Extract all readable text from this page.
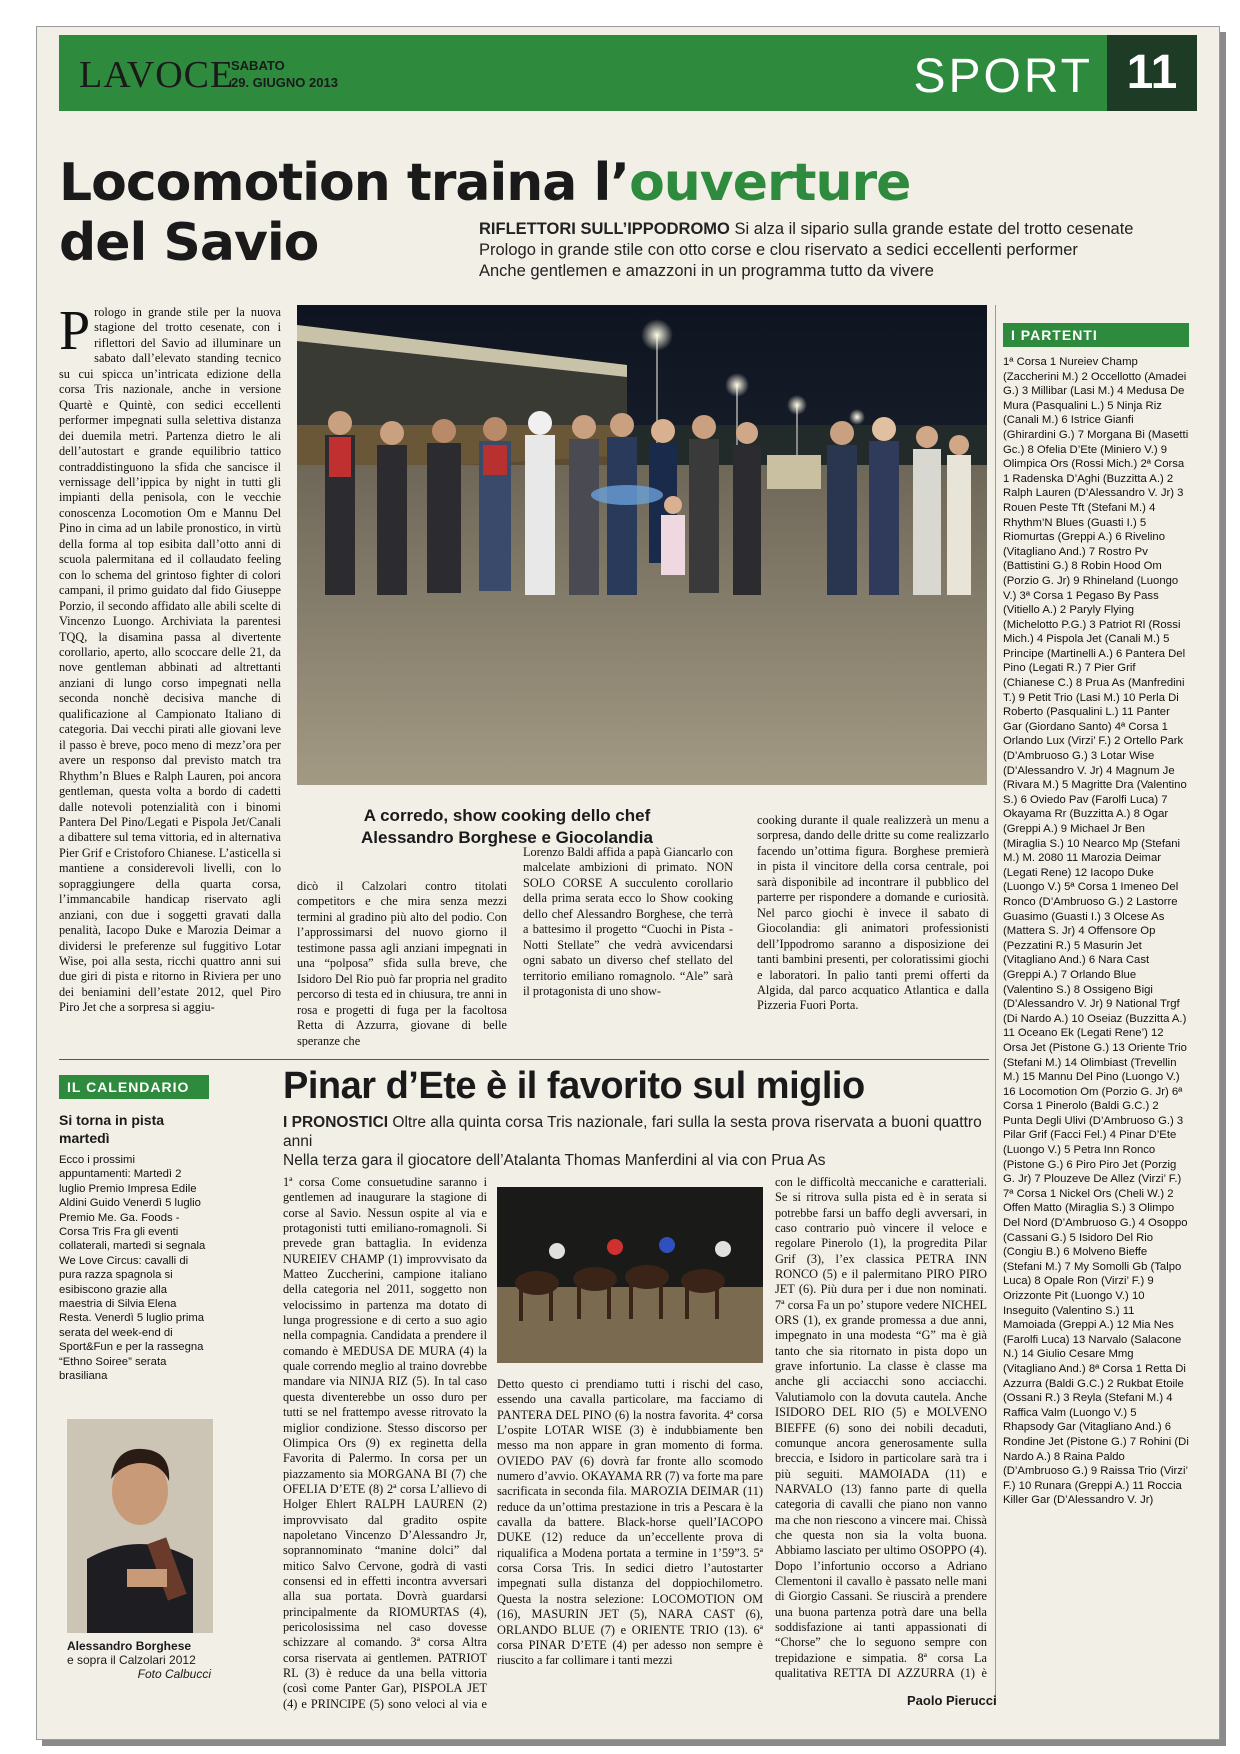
LAVOCE
SABATO
29. GIUGNO 2013	SPORT 11
Locomotion traina l’ouverture
del Savio	RIFLETTORI SULL’IPPODROMO Si alza il sipario sulla grande estate del trotto cesenate
Prologo in grande stile con otto corse e clou riservato a sedici eccellenti performer
Anche gentlemen e amazzoni in un programma tutto da vivere
Prologo in grande stile per la nuova stagione del trotto cesenate, con i riflettori del Savio ad illuminare un sabato dall’elevato standing tecnico su cui spicca un’intricata edizione della corsa Tris nazionale, anche in versione Quartè e Quintè, con sedici eccellenti performer impegnati sulla selettiva distanza dei duemila metri. Partenza dietro le ali dell’autostart e grande equilibrio tattico contraddistinguono la sfida che sancisce il vernissage dell’ippica by night in tutti gli impianti della penisola, con le vecchie conoscenza Locomotion Om e Mannu Del Pino in cima ad un labile pronostico, in virtù della forma al top esibita dall’otto anni di scuola palermitana ed il collaudato feeling con lo schema del grintoso fighter di colori campani, il primo guidato dal fido Giuseppe Porzio, il secondo affidato alle abili scelte di Vincenzo Luongo. Archiviata la parentesi TQQ, la disamina passa al divertente corollario, aperto, allo scoccare delle 21, da nove gentleman abbinati ad altrettanti anziani di lungo corso impegnati nella seconda nonchè decisiva manche di qualificazione al Campionato Italiano di categoria. Dai vecchi pirati alle giovani leve il passo è breve, poco meno di mezz’ora per avere un responso dal previsto match tra Rhythm’n Blues e Ralph Lauren, poi ancora gentleman, questa volta a bordo di cadetti dalle notevoli potenzialità con i binomi Pantera Del Pino/Legati e Pispola Jet/Canali a dibattere sul tema vittoria, ed in alternativa Pier Grif e Cristoforo Chianese. L’asticella si mantiene a considerevoli livelli, con lo sopraggiungere della quarta corsa, l’immancabile handicap riservato agli anziani, con due i soggetti gravati dalla penalità, Iacopo Duke e Marozia Deimar a dividersi le preferenze sul fuggitivo Lotar Wise, poi alla sesta, ricchi quattro anni sui due giri di pista e ritorno in Riviera per uno dei beniamini dell’estate 2012, quel Piro Piro Jet che a sorpresa si aggiu-
A corredo, show cooking dello chef
Alessandro Borghese e Giocolandia
dicò il Calzolari contro titolati competitors e che mira senza mezzi termini al gradino più alto del podio. Con l’approssimarsi del nuovo giorno il testimone passa agli anziani impegnati in una “polposa” sfida sulla breve, che Isidoro Del Rio può far propria nel gradito percorso di testa ed in chiusura, tre anni in rosa e progetti di fuga per la facoltosa Retta di Azzurra, giovane di belle speranze che
Lorenzo Baldi affida a papà Giancarlo con malcelate ambizioni di primato. NON SOLO CORSE A succulento corollario della prima serata ecco lo Show cooking dello chef Alessandro Borghese, che terrà a battesimo il progetto “Cuochi in Pista - Notti Stellate” che vedrà avvicendarsi ogni sabato un diverso chef stellato del territorio emiliano romagnolo. “Ale” sarà il protagonista di uno show-
cooking durante il quale realizzerà un menu a sorpresa, dando delle dritte su come realizzarlo facendo un’ottima figura. Borghese premierà in pista il vincitore della corsa centrale, poi sarà disponibile ad incontrare il pubblico del parterre per rispondere a domande e curiosità. Nel parco giochi è invece il sabato di Giocolandia: gli animatori professionisti dell’Ippodromo saranno a disposizione dei tanti bambini presenti, per coloratissimi giochi e laboratori. In palio tanti premi offerti da Algida, dal parco acquatico Atlantica e dalla Pizzeria Fuori Porta.
I PARTENTI
1ª Corsa 1 Nureiev Champ (Zaccherini M.) 2 Occellotto (Amadei G.) 3 Millibar (Lasi M.) 4 Medusa De Mura (Pasqualini L.) 5 Ninja Riz (Canali M.) 6 Istrice Gianfi (Ghirardini G.) 7 Morgana Bi (Masetti Gc.) 8 Ofelia D’Ete (Miniero V.) 9 Olimpica Ors (Rossi Mich.) 2ª Corsa 1 Radenska D’Aghi (Buzzitta A.) 2 Ralph Lauren (D’Alessandro V. Jr) 3 Rouen Peste Tft (Stefani M.) 4 Rhythm’N Blues (Guasti I.) 5 Riomurtas (Greppi A.) 6 Rivelino (Vitagliano And.) 7 Rostro Pv (Battistini G.) 8 Robin Hood Om (Porzio G. Jr) 9 Rhineland (Luongo V.) 3ª Corsa 1 Pegaso By Pass (Vitiello A.) 2 Paryly Flying (Michelotto P.G.) 3 Patriot Rl (Rossi Mich.) 4 Pispola Jet (Canali M.) 5 Principe (Martinelli A.) 6 Pantera Del Pino (Legati R.) 7 Pier Grif (Chianese C.) 8 Prua As (Manfredini T.) 9 Petit Trio (Lasi M.) 10 Perla Di Roberto (Pasqualini L.) 11 Panter Gar (Giordano Santo) 4ª Corsa 1 Orlando Lux (Virzi’ F.) 2 Ortello Park (D’Ambruoso G.) 3 Lotar Wise (D’Alessandro V. Jr) 4 Magnum Je (Rivara M.) 5 Magritte Dra (Valentino S.) 6 Oviedo Pav (Farolfi Luca) 7 Okayama Rr (Buzzitta A.) 8 Ogar (Greppi A.) 9 Michael Jr Ben (Miraglia S.) 10 Nearco Mp (Stefani M.) M. 2080 11 Marozia Deimar (Legati Rene) 12 Iacopo Duke (Luongo V.) 5ª Corsa 1 Imeneo Del Ronco (D’Ambruoso G.) 2 Lastorre Guasimo (Guasti I.) 3 Olcese As (Mattera S. Jr) 4 Offensore Op (Pezzatini R.) 5 Masurin Jet (Vitagliano And.) 6 Nara Cast (Greppi A.) 7 Orlando Blue (Valentino S.) 8 Ossigeno Bigi (D’Alessandro V. Jr) 9 National Trgf (Di Nardo A.) 10 Oseiaz (Buzzitta A.) 11 Oceano Ek (Legati Rene’) 12 Orsa Jet (Pistone G.) 13 Oriente Trio (Stefani M.) 14 Olimbiast (Trevellin M.) 15 Mannu Del Pino (Luongo V.) 16 Locomotion Om (Porzio G. Jr) 6ª Corsa 1 Pinerolo (Baldi G.C.) 2 Punta Degli Ulivi (D’Ambruoso G.) 3 Pilar Grif (Facci Fel.) 4 Pinar D’Ete (Luongo V.) 5 Petra Inn Ronco (Pistone G.) 6 Piro Piro Jet (Porzig G. Jr) 7 Plouzeve De Allez (Virzi’ F.) 7ª Corsa 1 Nickel Ors (Cheli W.) 2 Offen Matto (Miraglia S.) 3 Olimpo Del Nord (D’Ambruoso G.) 4 Osoppo (Cassani G.) 5 Isidoro Del Rio (Congiu B.) 6 Molveno Bieffe (Stefani M.) 7 My Somolli Gb (Talpo Luca) 8 Opale Ron (Virzi’ F.) 9 Orizzonte Pit (Luongo V.) 10 Inseguito (Valentino S.) 11 Mamoiada (Greppi A.) 12 Mia Nes (Farolfi Luca) 13 Narvalo (Salacone N.) 14 Giulio Cesare Mmg (Vitagliano And.) 8ª Corsa 1 Retta Di Azzurra (Baldi G.C.) 2 Rukbat Etoile (Ossani R.) 3 Reyla (Stefani M.) 4 Raffica Valm (Luongo V.) 5 Rhapsody Gar (Vitagliano And.) 6 Rondine Jet (Pistone G.) 7 Rohini (Di Nardo A.) 8 Raina Paldo (D’Ambruoso G.) 9 Raissa Trio (Virzi’ F.) 10 Runara (Greppi A.) 11 Roccia Killer Gar (D’Alessandro V. Jr)
IL CALENDARIO
Si torna in pista martedì
Ecco i prossimi appuntamenti: Martedì 2 luglio Premio Impresa Edile Aldini Guido Venerdì 5 luglio Premio Me. Ga. Foods - Corsa Tris Fra gli eventi collaterali, martedì si segnala We Love Circus: cavalli di pura razza spagnola si esibiscono grazie alla maestria di Silvia Elena Resta. Venerdì 5 luglio prima serata del week-end di Sport&Fun e per la rassegna “Ethno Soiree” serata brasiliana
Alessandro Borghese
e sopra il Calzolari 2012
Foto Calbucci
Pinar d’Ete è il favorito sul miglio
I PRONOSTICI Oltre alla quinta corsa Tris nazionale, fari sulla la sesta prova riservata a buoni quattro anni
Nella terza gara il giocatore dell’Atalanta Thomas Manferdini al via con Prua As
1ª corsa Come consuetudine saranno i gentlemen ad inaugurare la stagione di corse al Savio. Nessun ospite al via e protagonisti tutti emiliano-romagnoli. Si prevede gran battaglia. In evidenza NUREIEV CHAMP (1) improvvisato da Matteo Zuccherini, campione italiano della categoria nel 2011, soggetto non velocissimo in partenza ma dotato di lunga progressione e di certo a suo agio nella compagnia. Candidata a prendere il comando è MEDUSA DE MURA (4) la quale correndo meglio al traino dovrebbe mandare via NINJA RIZ (5). In tal caso questa diventerebbe un osso duro per tutti se nel frattempo avesse ritrovato la miglior condizione. Stesso discorso per Olimpica Ors (9) ex reginetta della Favorita di Palermo. In corsa per un piazzamento sia MORGANA BI (7) che OFELIA D’ETE (8) 2ª corsa L’allievo di Holger Ehlert RALPH LAUREN (2) improvvisato dal gradito ospite napoletano Vincenzo D’Alessandro Jr, soprannominato “manine dolci” dal mitico Salvo Cervone, godrà di vasti consensi ed in effetti incontra avversari alla sua portata. Dovrà guardarsi principalmente da RIOMURTAS (4), pericolosissima nel caso dovesse schizzare al comando. 3ª corsa Altra corsa riservata ai gentlemen. PATRIOT RL (3) è reduce da una bella vittoria (così come Panter Gar), PISPOLA JET (4) e PRINCIPE (5) sono veloci al via e
Detto questo ci prendiamo tutti i rischi del caso, essendo una cavalla particolare, ma facciamo di PANTERA DEL PINO (6) la nostra favorita. 4ª corsa L’ospite LOTAR WISE (3) è indubbiamente ben messo ma non appare in gran momento di forma. OVIEDO PAV (6) dovrà far fronte allo scomodo numero d’avvio. OKAYAMA RR (7) va forte ma pare sacrificata in seconda fila. MAROZIA DEIMAR (11) reduce da un’ottima prestazione in tris a Pescara è la cavalla da battere. Black-horse quell’IACOPO DUKE (12) reduce da un’eccellente prova di riqualifica a Modena portata a termine in 1’59”3. 5ª corsa Corsa Tris. In sedici dietro l’autostarter impegnati sulla distanza del doppiochilometro. Questa la nostra selezione: LOCOMOTION OM (16), MASURIN JET (5), NARA CAST (6), ORLANDO BLUE (7) e ORIENTE TRIO (13). 6ª corsa PINAR D’ETE (4) per adesso non sempre è riuscito a far collimare i tanti mezzi
con le difficoltà meccaniche e caratteriali. Se si ritrova sulla pista ed è in serata si potrebbe farsi un baffo degli avversari, in caso contrario può vincere il veloce e regolare Pinerolo (1), la progredita Pilar Grif (3), l’ex classica PETRA INN RONCO (5) e il palermitano PIRO PIRO JET (6). Più dura per i due non nominati. 7ª corsa Fa un po’ stupore vedere NICHEL ORS (1), ex grande promessa a due anni, impegnato in una modesta “G” ma è già tanto che sia ritornato in pista dopo un grave infortunio. La classe è classe ma anche gli acciacchi sono acciacchi. Valutiamolo con la dovuta cautela. Anche ISIDORO DEL RIO (5) e MOLVENO BIEFFE (6) sono dei nobili decaduti, comunque ancora generosamente sulla breccia, e Isidoro in particolare sarà tra i più seguiti. MAMOIADA (11) e NARVALO (13) fanno parte di quella categoria di cavalli che piano non vanno ma che non riescono a vincere mai. Chissà che questa non sia la volta buona. Abbiamo lasciato per ultimo OSOPPO (4). Dopo l’infortunio occorso a Adriano Clementoni il cavallo è passato nelle mani di Giorgio Cassani. Se riuscirà a prendere una buona partenza potrà dare una bella soddisfazione ai tanti appassionati di “Chorse” che lo seguono sempre con trepidazione e simpatia. 8ª corsa La qualitativa RETTA DI AZZURRA (1) è
Paolo Pierucci
